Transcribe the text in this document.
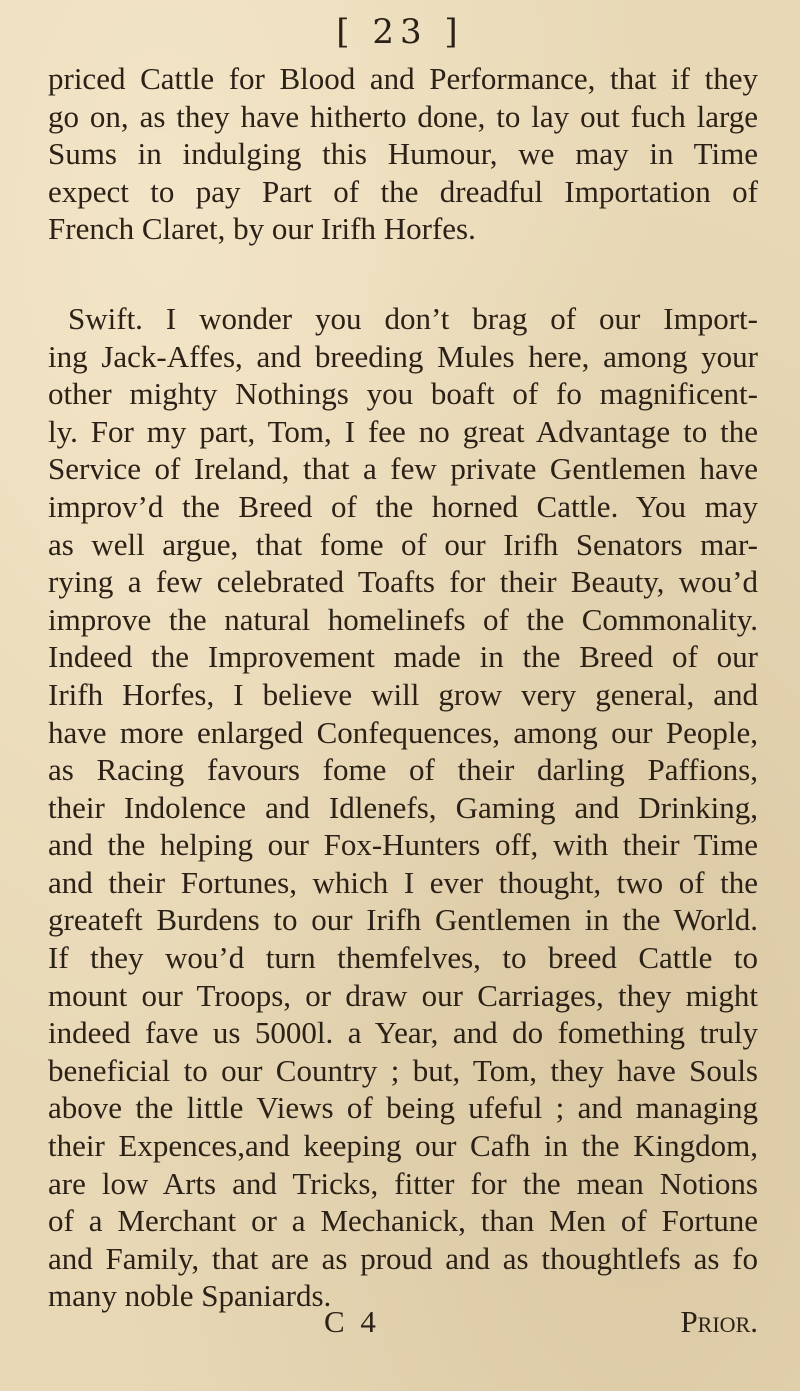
[ 23 ]
priced Cattle for Blood and Performance, that if they
go on, as they have hitherto done, to lay out fuch large
Sums in indulging this Humour, we may in Time
expect to pay Part of the dreadful Importation of
French Claret, by our Irifh Horfes.
Swift. I wonder you don’t brag of our Import-
ing Jack-Affes, and breeding Mules here, among your
other mighty Nothings you boaft of fo magnificent-
ly. For my part, Tom, I fee no great Advantage to the
Service of Ireland, that a few private Gentlemen have
improv’d the Breed of the horned Cattle. You may
as well argue, that fome of our Irifh Senators mar-
rying a few celebrated Toafts for their Beauty, wou’d
improve the natural homelinefs of the Commonality.
Indeed the Improvement made in the Breed of our
Irifh Horfes, I believe will grow very general, and
have more enlarged Confequences, among our People,
as Racing favours fome of their darling Paffions,
their Indolence and Idlenefs, Gaming and Drinking,
and the helping our Fox-Hunters off, with their Time
and their Fortunes, which I ever thought, two of the
greateft Burdens to our Irifh Gentlemen in the World.
If they wou’d turn themfelves, to breed Cattle to
mount our Troops, or draw our Carriages, they might
indeed fave us 5000l. a Year, and do fomething truly
beneficial to our Country ; but, Tom, they have Souls
above the little Views of being ufeful ; and managing
their Expences,and keeping our Cafh in the Kingdom,
are low Arts and Tricks, fitter for the mean Notions
of a Merchant or a Mechanick, than Men of Fortune
and Family, that are as proud and as thoughtlefs as fo
many noble Spaniards.
C 4	Prior.
